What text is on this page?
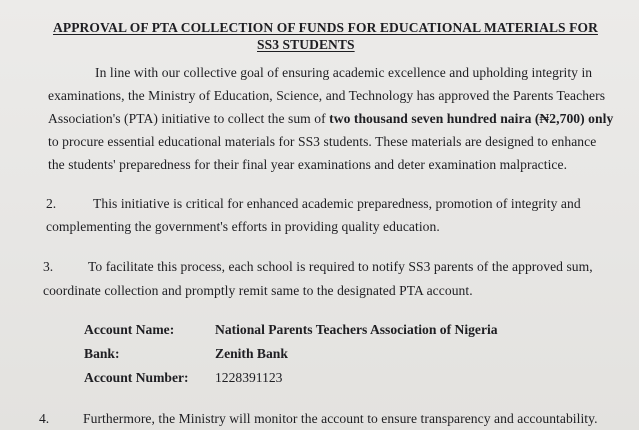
APPROVAL OF PTA COLLECTION OF FUNDS FOR EDUCATIONAL MATERIALS FOR
SS3 STUDENTS
In line with our collective goal of ensuring academic excellence and upholding integrity in
examinations, the Ministry of Education, Science, and Technology has approved the Parents Teachers
Association's (PTA) initiative to collect the sum of two thousand seven hundred naira (₦2,700) only
to procure essential educational materials for SS3 students. These materials are designed to enhance
the students' preparedness for their final year examinations and deter examination malpractice.
2.	This initiative is critical for enhanced academic preparedness, promotion of integrity and
complementing the government's efforts in providing quality education.
3.	To facilitate this process, each school is required to notify SS3 parents of the approved sum,
coordinate collection and promptly remit same to the designated PTA account.
Account Name:	National Parents Teachers Association of Nigeria
Bank:	Zenith Bank
Account Number: 1228391123
4. Furthermore, the Ministry will monitor the account to ensure transparency and accountability.
